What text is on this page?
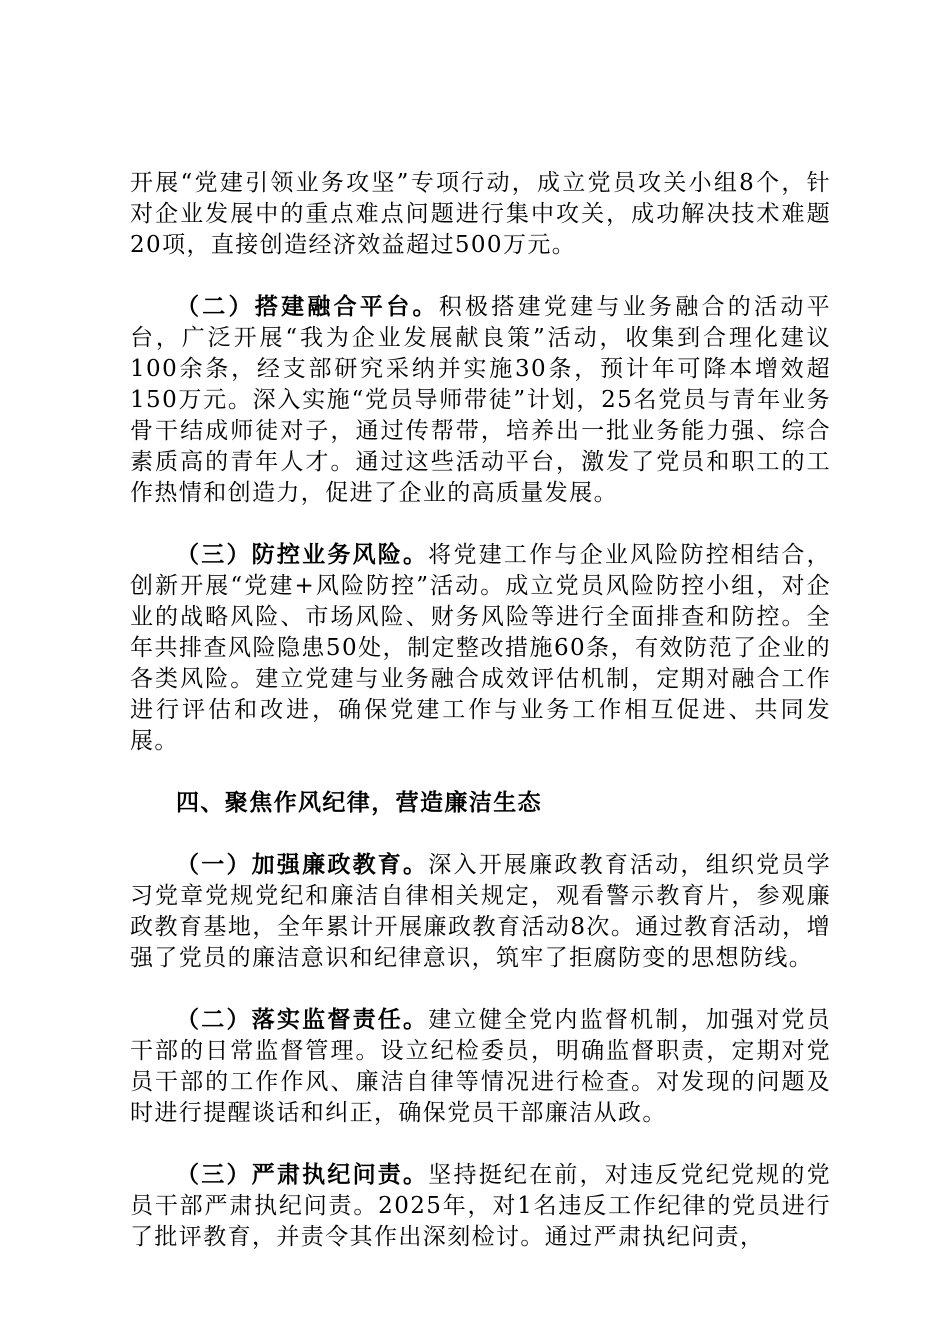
开展“党建引领业务攻坚”专项行动，成立党员攻关小组8个，针对企业发展中的重点难点问题进行集中攻关，成功解决技术难题20项，直接创造经济效益超过500万元。

（二）搭建融合平台。积极搭建党建与业务融合的活动平台，广泛开展“我为企业发展献良策”活动，收集到合理化建议100余条，经支部研究采纳并实施30条，预计年可降本增效超150万元。深入实施“党员导师带徒”计划，25名党员与青年业务骨干结成师徒对子，通过传帮带，培养出一批业务能力强、综合素质高的青年人才。通过这些活动平台，激发了党员和职工的工作热情和创造力，促进了企业的高质量发展。

（三）防控业务风险。将党建工作与企业风险防控相结合，创新开展“党建+风险防控”活动。成立党员风险防控小组，对企业的战略风险、市场风险、财务风险等进行全面排查和防控。全年共排查风险隐患50处，制定整改措施60条，有效防范了企业的各类风险。建立党建与业务融合成效评估机制，定期对融合工作进行评估和改进，确保党建工作与业务工作相互促进、共同发展。

四、聚焦作风纪律，营造廉洁生态

（一）加强廉政教育。深入开展廉政教育活动，组织党员学习党章党规党纪和廉洁自律相关规定，观看警示教育片，参观廉政教育基地，全年累计开展廉政教育活动8次。通过教育活动，增强了党员的廉洁意识和纪律意识，筑牢了拒腐防变的思想防线。

（二）落实监督责任。建立健全党内监督机制，加强对党员干部的日常监督管理。设立纪检委员，明确监督职责，定期对党员干部的工作作风、廉洁自律等情况进行检查。对发现的问题及时进行提醒谈话和纠正，确保党员干部廉洁从政。

（三）严肃执纪问责。坚持挺纪在前，对违反党纪党规的党员干部严肃执纪问责。2025年，对1名违反工作纪律的党员进行了批评教育，并责令其作出深刻检讨。通过严肃执纪问责，
